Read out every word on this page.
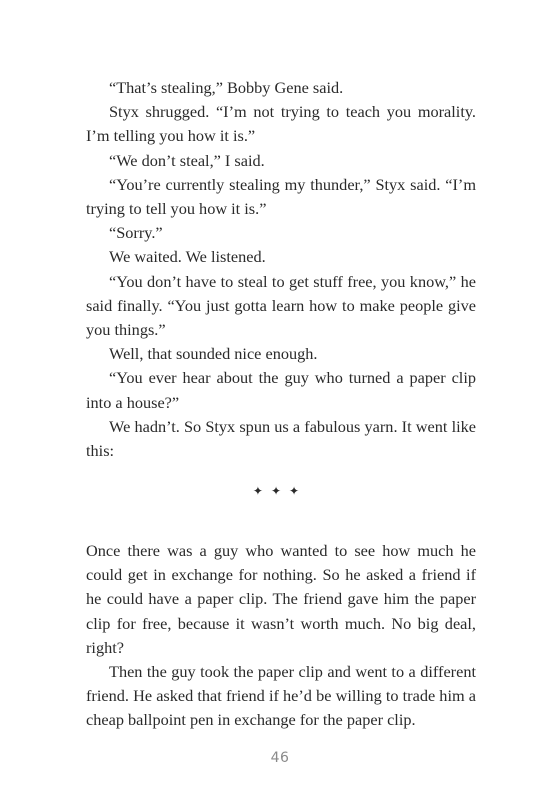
“That’s stealing,” Bobby Gene said.

Styx shrugged. “I’m not trying to teach you morality. I’m telling you how it is.”

“We don’t steal,” I said.

“You’re currently stealing my thunder,” Styx said. “I’m trying to tell you how it is.”

“Sorry.”

We waited. We listened.

“You don’t have to steal to get stuff free, you know,” he said finally. “You just gotta learn how to make people give you things.”

Well, that sounded nice enough.

“You ever hear about the guy who turned a paper clip into a house?”

We hadn’t. So Styx spun us a fabulous yarn. It went like this:

✦✦✦

Once there was a guy who wanted to see how much he could get in exchange for nothing. So he asked a friend if he could have a paper clip. The friend gave him the paper clip for free, because it wasn’t worth much. No big deal, right?

Then the guy took the paper clip and went to a different friend. He asked that friend if he’d be willing to trade him a cheap ballpoint pen in exchange for the paper clip.

46
